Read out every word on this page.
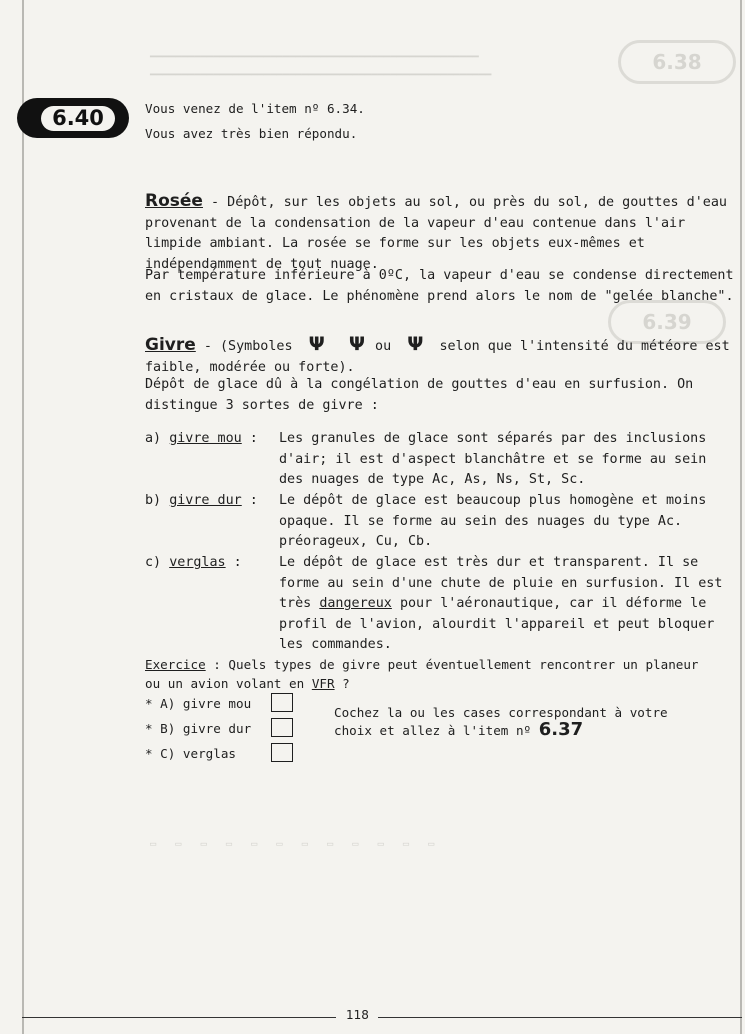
6.38
6.39
━━━━━━━━━━━━━━━━━━━━━━━━━━━━━━━━━━━━━━━━━━━━━━━━━━━━
━━━━━━━━━━━━━━━━━━━━━━━━━━━━━━━━━━━━━━━━━━━━━━━━━━━━━━
▭   ▭   ▭   ▭   ▭   ▭   ▭   ▭   ▭   ▭   ▭   ▭
6.40	Vous venez de l'item nº 6.34.
Vous avez très bien répondu.
Rosée - Dépôt, sur les objets au sol, ou près du sol, de gouttes d'eau provenant de la condensation de la vapeur d'eau contenue dans l'air limpide ambiant. La rosée se forme sur les objets eux-mêmes et indépendamment de tout nuage.
Par température inférieure à 0ºC, la vapeur d'eau se condense directement en cristaux de glace. Le phénomène prend alors le nom de "gelée blanche".
Givre - (Symboles Ψ Ψ ou Ψ selon que l'intensité du météore est faible, modérée ou forte).
Dépôt de glace dû à la congélation de gouttes d'eau en surfusion. On distingue 3 sortes de givre :
a) givre mou :	Les granules de glace sont séparés par des inclusions d'air; il est d'aspect blanchâtre et se forme au sein des nuages de type Ac, As, Ns, St, Sc.
b) givre dur :	Le dépôt de glace est beaucoup plus homogène et moins opaque. Il se forme au sein des nuages du type Ac. préorageux, Cu, Cb.
c) verglas :	Le dépôt de glace est très dur et transparent. Il se forme au sein d'une chute de pluie en surfusion. Il est très dangereux pour l'aéronautique, car il déforme le profil de l'avion, alourdit l'appareil et peut bloquer les commandes.
Exercice : Quels types de givre peut éventuellement rencontrer un planeur ou un avion volant en VFR ?
* A) givre mou
* B) givre dur
* C) verglas
Cochez la ou les cases correspondant à votre
choix et allez à l'item nº 6.37
118
